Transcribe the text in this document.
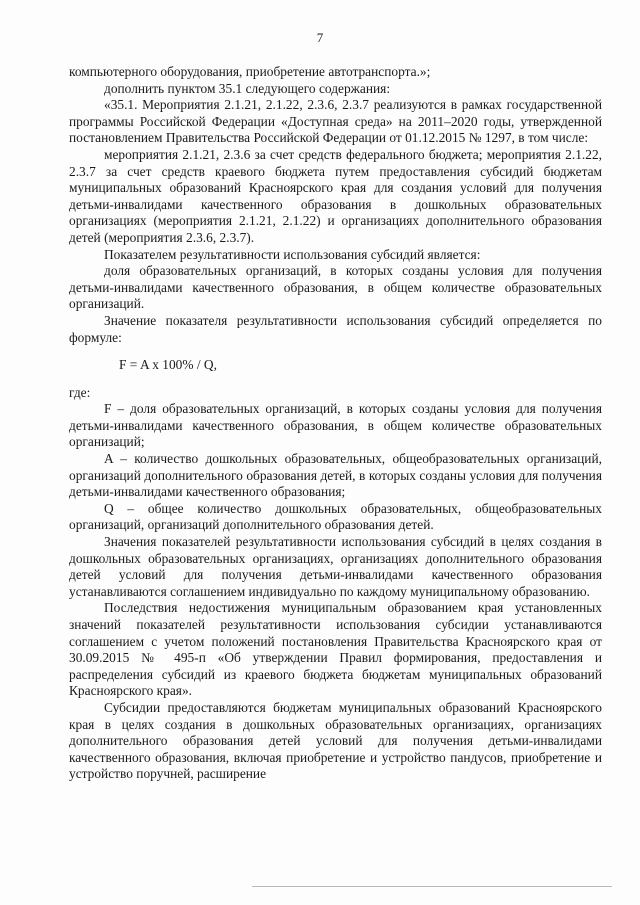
7

компьютерного оборудования, приобретение автотранспорта.»;

дополнить пунктом 35.1 следующего содержания:

«35.1. Мероприятия 2.1.21, 2.1.22, 2.3.6, 2.3.7 реализуются в рамках государственной программы Российской Федерации «Доступная среда» на 2011–2020 годы, утвержденной постановлением Правительства Российской Федерации от 01.12.2015 № 1297, в том числе:

мероприятия 2.1.21, 2.3.6 за счет средств федерального бюджета; мероприятия 2.1.22, 2.3.7 за счет средств краевого бюджета путем предоставления субсидий бюджетам муниципальных образований Красноярского края для создания условий для получения детьми-инвалидами качественного образования в дошкольных образовательных организациях (мероприятия 2.1.21, 2.1.22) и организациях дополнительного образования детей (мероприятия 2.3.6, 2.3.7).

Показателем результативности использования субсидий является:

доля образовательных организаций, в которых созданы условия для получения детьми-инвалидами качественного образования, в общем количестве образовательных организаций.

Значение показателя результативности использования субсидий определяется по формуле:

F = A x 100% / Q,

где:

F – доля образовательных организаций, в которых созданы условия для получения детьми-инвалидами качественного образования, в общем количестве образовательных организаций;

A – количество дошкольных образовательных, общеобразовательных организаций, организаций дополнительного образования детей, в которых созданы условия для получения детьми-инвалидами качественного образования;

Q – общее количество дошкольных образовательных, общеобразовательных организаций, организаций дополнительного образования детей.

Значения показателей результативности использования субсидий в целях создания в дошкольных образовательных организациях, организациях дополнительного образования детей условий для получения детьми-инвалидами качественного образования устанавливаются соглашением индивидуально по каждому муниципальному образованию.

Последствия недостижения муниципальным образованием края установленных значений показателей результативности использования субсидии устанавливаются соглашением с учетом положений постановления Правительства Красноярского края от 30.09.2015 № 495-п «Об утверждении Правил формирования, предоставления и распределения субсидий из краевого бюджета бюджетам муниципальных образований Красноярского края».

Субсидии предоставляются бюджетам муниципальных образований Красноярского края в целях создания в дошкольных образовательных организациях, организациях дополнительного образования детей условий для получения детьми-инвалидами качественного образования, включая приобретение и устройство пандусов, приобретение и устройство поручней, расширение
